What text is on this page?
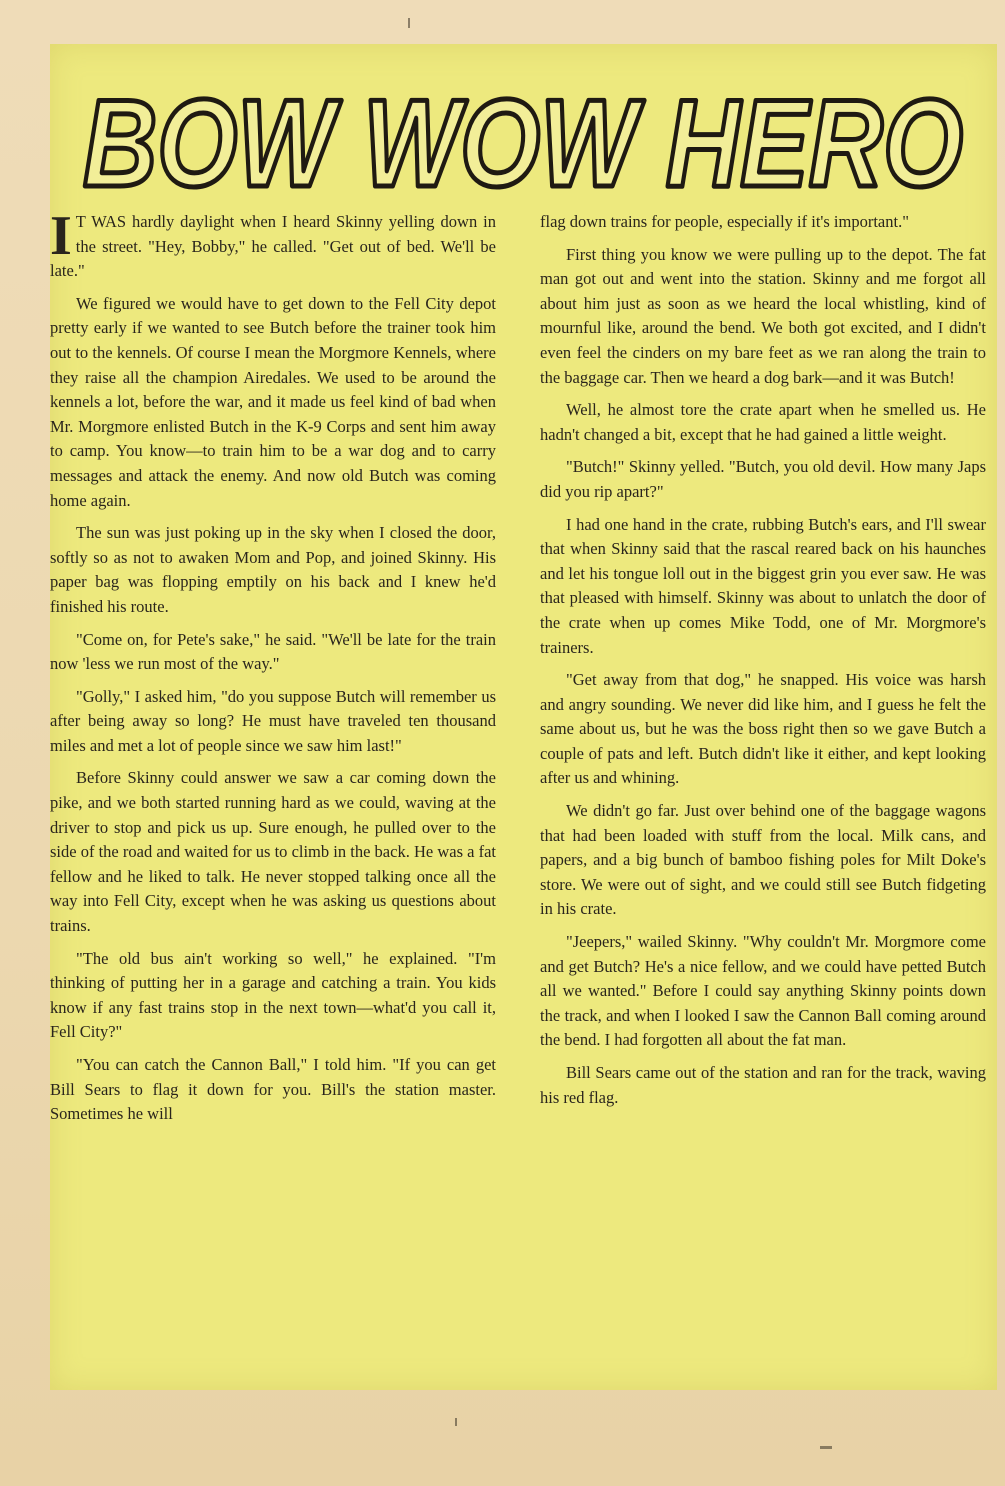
BOW WOW HERO

I T WAS hardly daylight when I heard Skinny yelling down in the street. "Hey, Bobby," he called. "Get out of bed. We'll be late."

We figured we would have to get down to the Fell City depot pretty early if we wanted to see Butch before the trainer took him out to the kennels. Of course I mean the Morgmore Kennels, where they raise all the champion Airedales. We used to be around the kennels a lot, before the war, and it made us feel kind of bad when Mr. Morgmore enlisted Butch in the K-9 Corps and sent him away to camp. You know—to train him to be a war dog and to carry messages and attack the enemy. And now old Butch was coming home again.

The sun was just poking up in the sky when I closed the door, softly so as not to awaken Mom and Pop, and joined Skinny. His paper bag was flopping emptily on his back and I knew he'd finished his route.

"Come on, for Pete's sake," he said. "We'll be late for the train now 'less we run most of the way."

"Golly," I asked him, "do you suppose Butch will remember us after being away so long? He must have traveled ten thousand miles and met a lot of people since we saw him last!"

Before Skinny could answer we saw a car coming down the pike, and we both started running hard as we could, waving at the driver to stop and pick us up. Sure enough, he pulled over to the side of the road and waited for us to climb in the back. He was a fat fellow and he liked to talk. He never stopped talking once all the way into Fell City, except when he was asking us questions about trains.

"The old bus ain't working so well," he explained. "I'm thinking of putting her in a garage and catching a train. You kids know if any fast trains stop in the next town—what'd you call it, Fell City?"

"You can catch the Cannon Ball," I told him. "If you can get Bill Sears to flag it down for you. Bill's the station master. Sometimes he will

flag down trains for people, especially if it's important."

First thing you know we were pulling up to the depot. The fat man got out and went into the station. Skinny and me forgot all about him just as soon as we heard the local whistling, kind of mournful like, around the bend. We both got excited, and I didn't even feel the cinders on my bare feet as we ran along the train to the baggage car. Then we heard a dog bark—and it was Butch!

Well, he almost tore the crate apart when he smelled us. He hadn't changed a bit, except that he had gained a little weight.

"Butch!" Skinny yelled. "Butch, you old devil. How many Japs did you rip apart?"

I had one hand in the crate, rubbing Butch's ears, and I'll swear that when Skinny said that the rascal reared back on his haunches and let his tongue loll out in the biggest grin you ever saw. He was that pleased with himself. Skinny was about to unlatch the door of the crate when up comes Mike Todd, one of Mr. Morgmore's trainers.

"Get away from that dog," he snapped. His voice was harsh and angry sounding. We never did like him, and I guess he felt the same about us, but he was the boss right then so we gave Butch a couple of pats and left. Butch didn't like it either, and kept looking after us and whining.

We didn't go far. Just over behind one of the baggage wagons that had been loaded with stuff from the local. Milk cans, and papers, and a big bunch of bamboo fishing poles for Milt Doke's store. We were out of sight, and we could still see Butch fidgeting in his crate.

"Jeepers," wailed Skinny. "Why couldn't Mr. Morgmore come and get Butch? He's a nice fellow, and we could have petted Butch all we wanted." Before I could say anything Skinny points down the track, and when I looked I saw the Cannon Ball coming around the bend. I had forgotten all about the fat man.

Bill Sears came out of the station and ran for the track, waving his red flag.
